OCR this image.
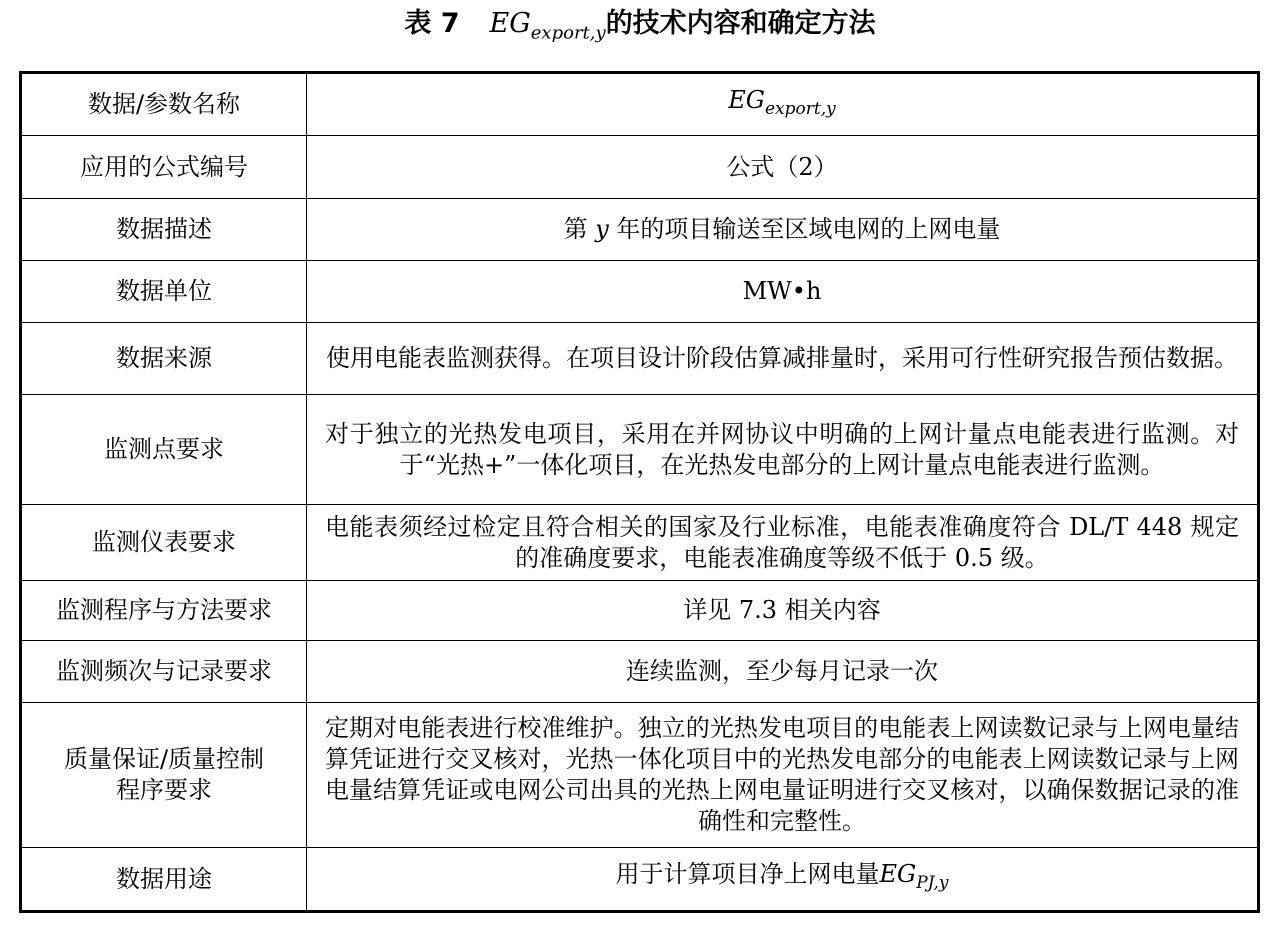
表 7 $EG_{export,y}$的技术内容和确定方法
数据/参数名称	$EG_{export,y}$
应用的公式编号	公式（2）
数据描述	第 y 年的项目输送至区域电网的上网电量
数据单位	MW•h
数据来源	使用电能表监测获得。在项目设计阶段估算减排量时，采用可行性研究报告预估数据。
监测点要求	对于独立的光热发电项目，采用在并网协议中明确的上网计量点电能表进行监测。对于“光热+”一体化项目，在光热发电部分的上网计量点电能表进行监测。
监测仪表要求	电能表须经过检定且符合相关的国家及行业标准，电能表准确度符合 DL/T 448 规定的准确度要求，电能表准确度等级不低于 0.5 级。
监测程序与方法要求	详见 7.3 相关内容
监测频次与记录要求	连续监测，至少每月记录一次
质量保证/质量控制
程序要求	定期对电能表进行校准维护。独立的光热发电项目的电能表上网读数记录与上网电量结算凭证进行交叉核对，光热一体化项目中的光热发电部分的电能表上网读数记录与上网电量结算凭证或电网公司出具的光热上网电量证明进行交叉核对，以确保数据记录的准确性和完整性。
数据用途	用于计算项目净上网电量$EG_{PJ,y}$
